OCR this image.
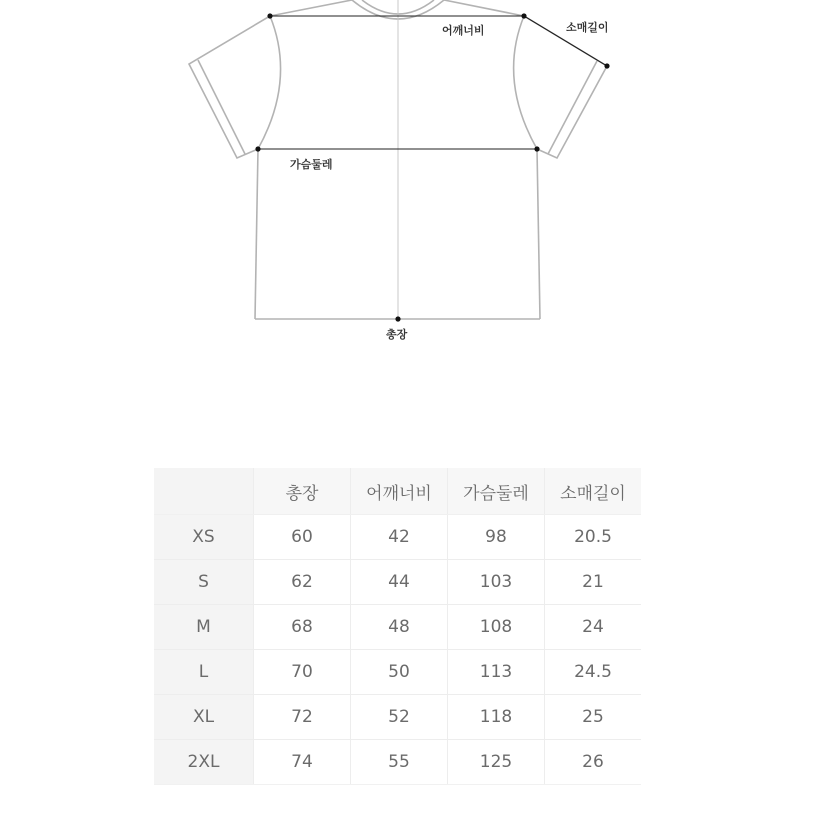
어깨너비	소매길이
가슴둘레
총장
	총장	어깨너비	가슴둘레	소매길이
XS	60	42	98	20.5
S	62	44	103	21
M	68	48	108	24
L	70	50	113	24.5
XL	72	52	118	25
2XL	74	55	125	26
